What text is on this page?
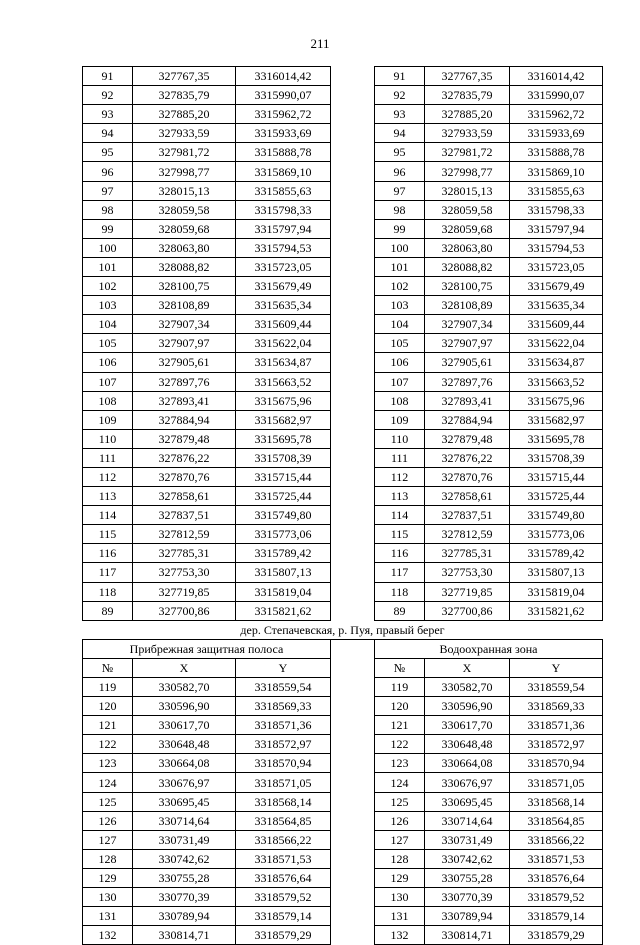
211
91	327767,35	3316014,42		91	327767,35	3316014,42
92	327835,79	3315990,07		92	327835,79	3315990,07
93	327885,20	3315962,72		93	327885,20	3315962,72
94	327933,59	3315933,69		94	327933,59	3315933,69
95	327981,72	3315888,78		95	327981,72	3315888,78
96	327998,77	3315869,10		96	327998,77	3315869,10
97	328015,13	3315855,63		97	328015,13	3315855,63
98	328059,58	3315798,33		98	328059,58	3315798,33
99	328059,68	3315797,94		99	328059,68	3315797,94
100	328063,80	3315794,53		100	328063,80	3315794,53
101	328088,82	3315723,05		101	328088,82	3315723,05
102	328100,75	3315679,49		102	328100,75	3315679,49
103	328108,89	3315635,34		103	328108,89	3315635,34
104	327907,34	3315609,44		104	327907,34	3315609,44
105	327907,97	3315622,04		105	327907,97	3315622,04
106	327905,61	3315634,87		106	327905,61	3315634,87
107	327897,76	3315663,52		107	327897,76	3315663,52
108	327893,41	3315675,96		108	327893,41	3315675,96
109	327884,94	3315682,97		109	327884,94	3315682,97
110	327879,48	3315695,78		110	327879,48	3315695,78
111	327876,22	3315708,39		111	327876,22	3315708,39
112	327870,76	3315715,44		112	327870,76	3315715,44
113	327858,61	3315725,44		113	327858,61	3315725,44
114	327837,51	3315749,80		114	327837,51	3315749,80
115	327812,59	3315773,06		115	327812,59	3315773,06
116	327785,31	3315789,42		116	327785,31	3315789,42
117	327753,30	3315807,13		117	327753,30	3315807,13
118	327719,85	3315819,04		118	327719,85	3315819,04
89	327700,86	3315821,62		89	327700,86	3315821,62
дер. Степачевская, р. Пуя, правый берег						
Прибрежная защитная полоса				Водоохранная зона		
№	X	Y		№	X	Y
119	330582,70	3318559,54		119	330582,70	3318559,54
120	330596,90	3318569,33		120	330596,90	3318569,33
121	330617,70	3318571,36		121	330617,70	3318571,36
122	330648,48	3318572,97		122	330648,48	3318572,97
123	330664,08	3318570,94		123	330664,08	3318570,94
124	330676,97	3318571,05		124	330676,97	3318571,05
125	330695,45	3318568,14		125	330695,45	3318568,14
126	330714,64	3318564,85		126	330714,64	3318564,85
127	330731,49	3318566,22		127	330731,49	3318566,22
128	330742,62	3318571,53		128	330742,62	3318571,53
129	330755,28	3318576,64		129	330755,28	3318576,64
130	330770,39	3318579,52		130	330770,39	3318579,52
131	330789,94	3318579,14		131	330789,94	3318579,14
132	330814,71	3318579,29		132	330814,71	3318579,29
